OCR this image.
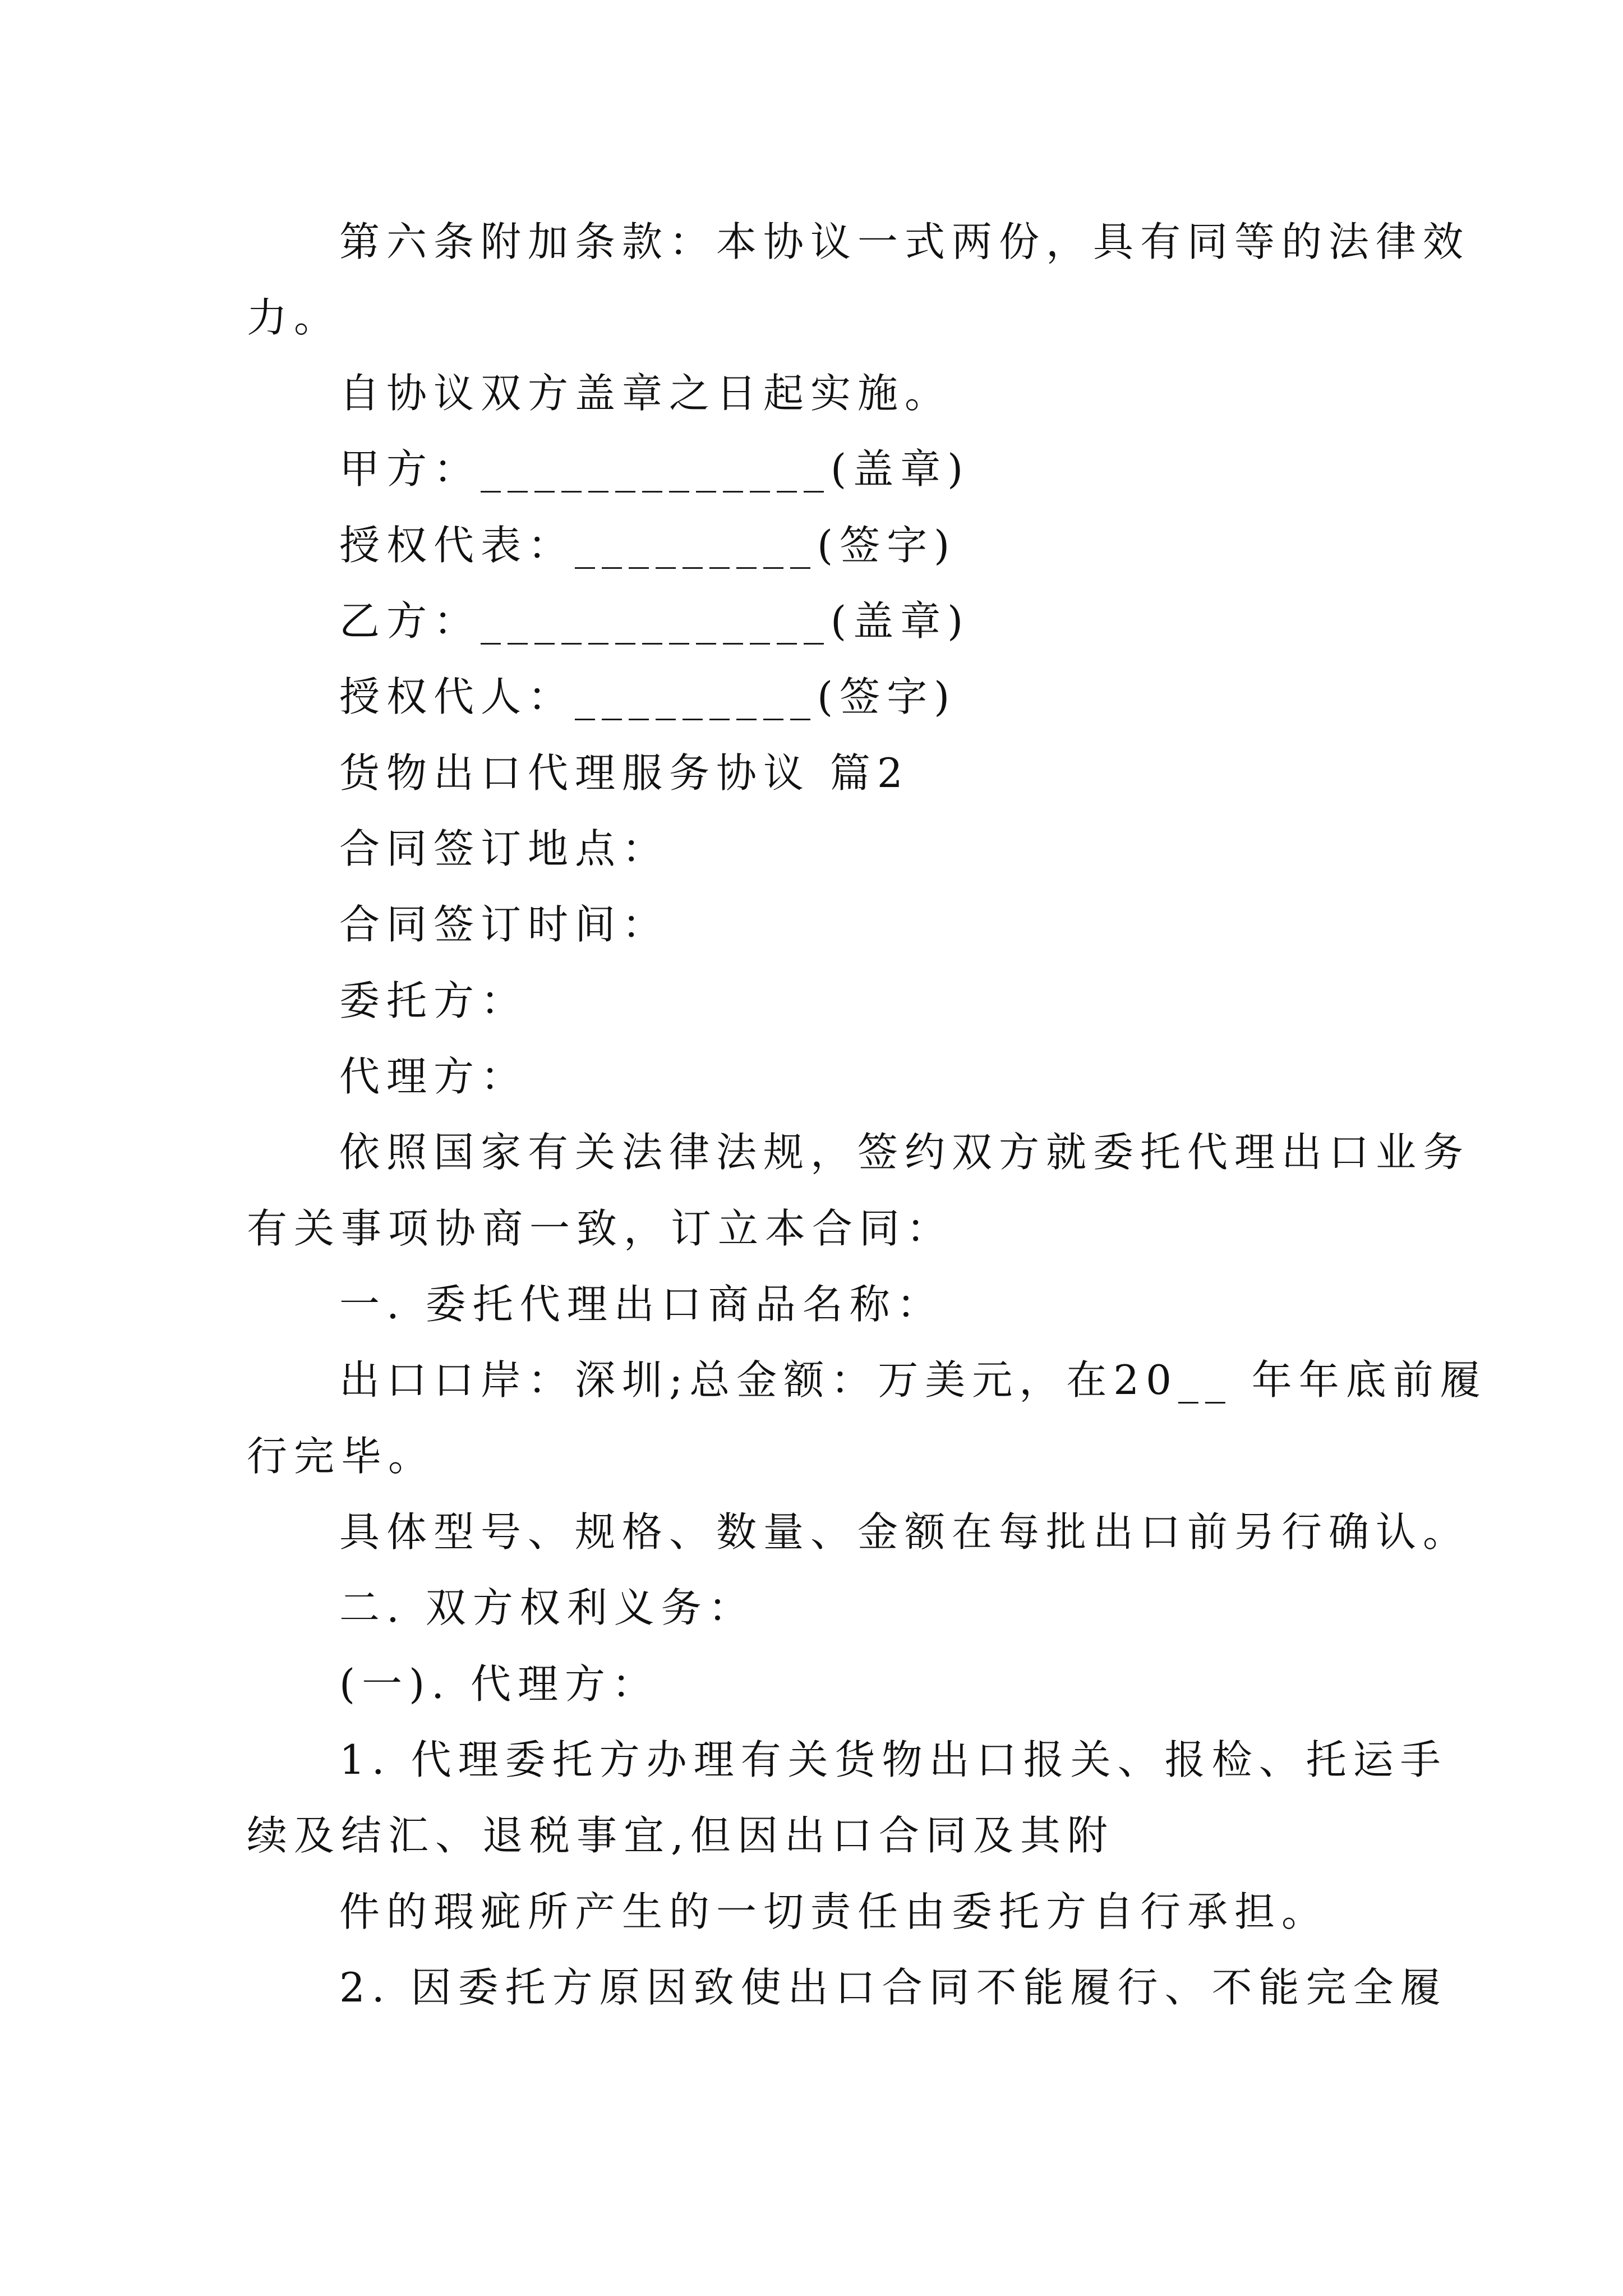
第六条附加条款：本协议一式两份，具有同等的法律效
力。
自协议双方盖章之日起实施。
甲方：_____________(盖章)
授权代表：_________(签字)
乙方：_____________(盖章)
授权代人：_________(签字)
货物出口代理服务协议 篇2
合同签订地点：
合同签订时间：
委托方：
代理方：
依照国家有关法律法规，签约双方就委托代理出口业务
有关事项协商一致，订立本合同：
一. 委托代理出口商品名称：
出口口岸：深圳;总金额：万美元，在20__ 年年底前履
行完毕。
具体型号、规格、数量、金额在每批出口前另行确认。
二. 双方权利义务：
(一). 代理方：
1. 代理委托方办理有关货物出口报关、报检、托运手
续及结汇、退税事宜,但因出口合同及其附
件的瑕疵所产生的一切责任由委托方自行承担。
2. 因委托方原因致使出口合同不能履行、不能完全履
